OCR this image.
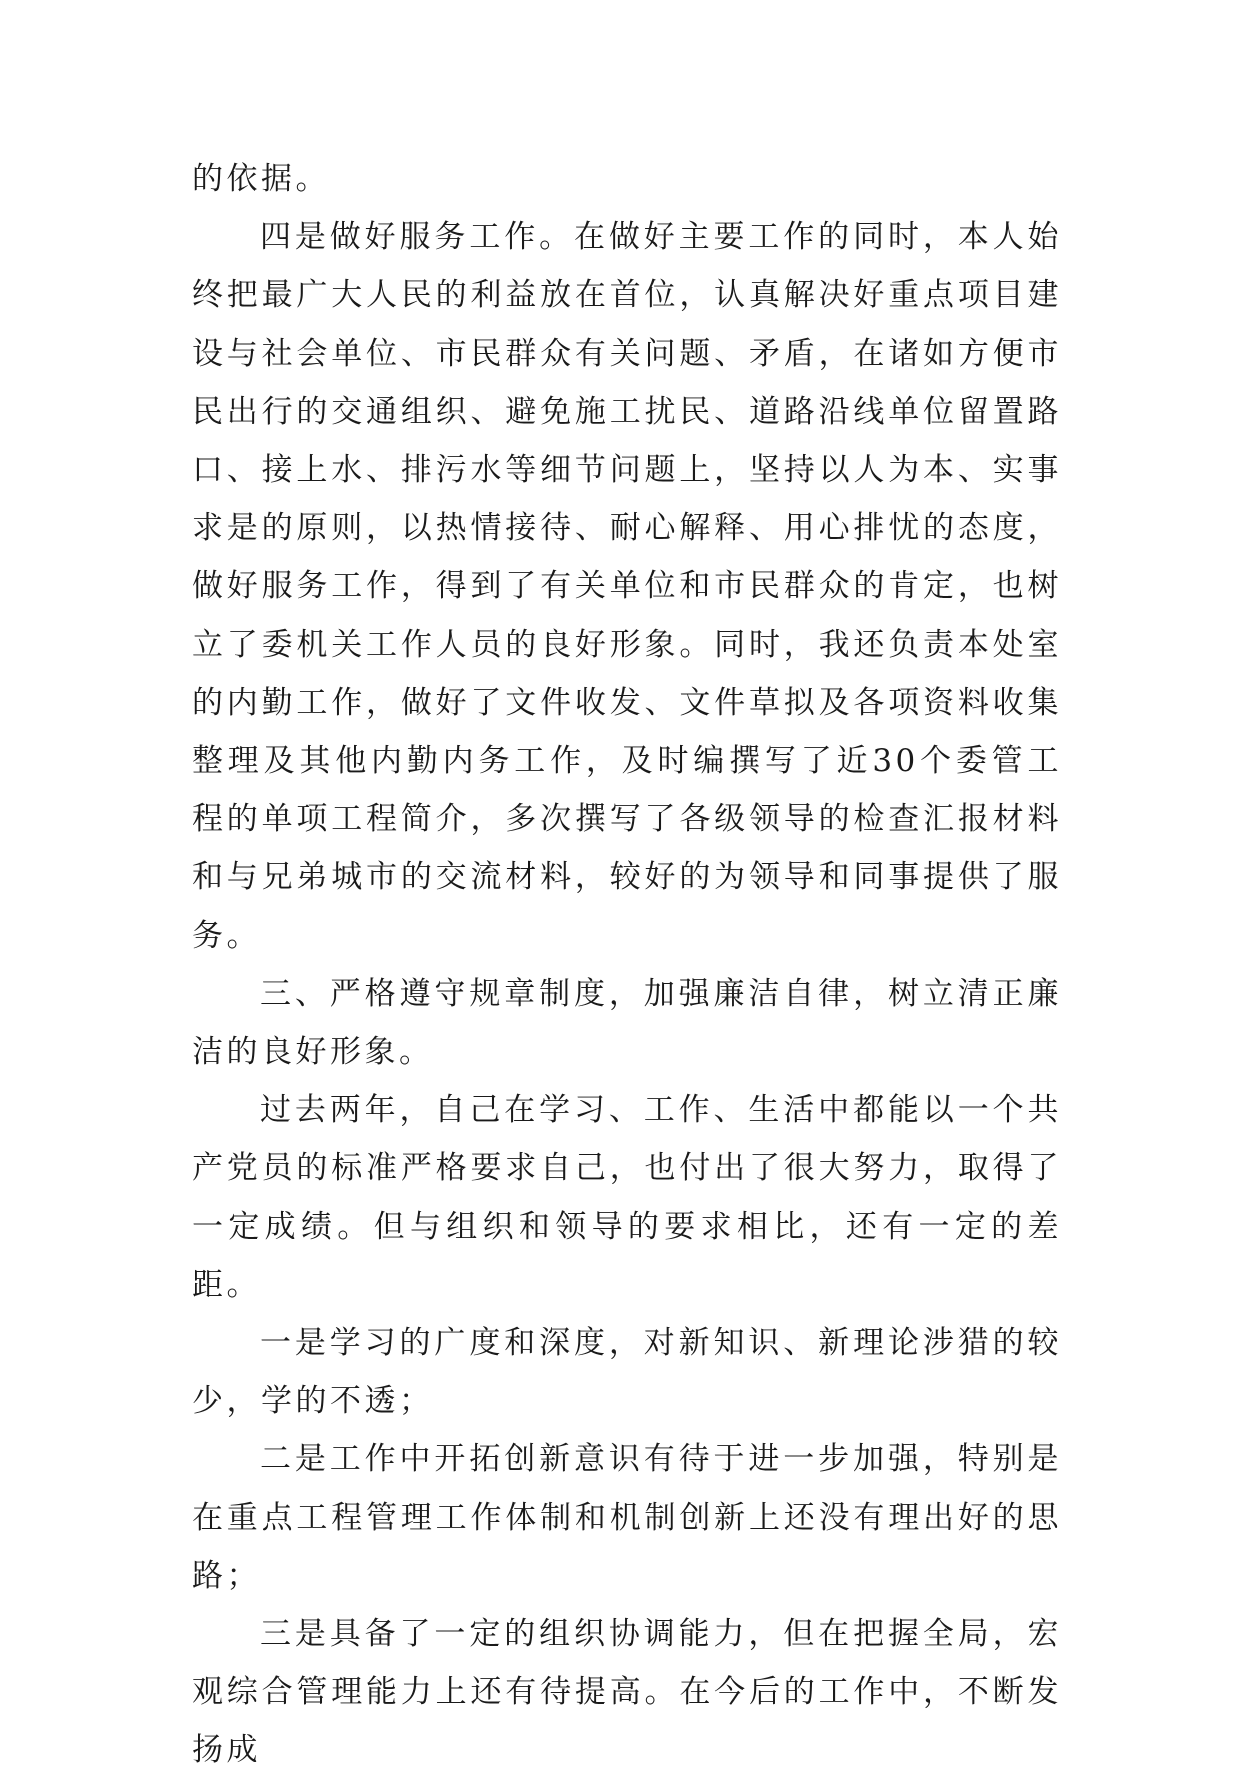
的依据。

四是做好服务工作。在做好主要工作的同时，本人始终把最广大人民的利益放在首位，认真解决好重点项目建设与社会单位、市民群众有关问题、矛盾，在诸如方便市民出行的交通组织、避免施工扰民、道路沿线单位留置路口、接上水、排污水等细节问题上，坚持以人为本、实事求是的原则，以热情接待、耐心解释、用心排忧的态度，做好服务工作，得到了有关单位和市民群众的肯定，也树立了委机关工作人员的良好形象。同时，我还负责本处室的内勤工作，做好了文件收发、文件草拟及各项资料收集整理及其他内勤内务工作，及时编撰写了近30个委管工程的单项工程简介，多次撰写了各级领导的检查汇报材料和与兄弟城市的交流材料，较好的为领导和同事提供了服务。

三、严格遵守规章制度，加强廉洁自律，树立清正廉洁的良好形象。

过去两年，自己在学习、工作、生活中都能以一个共产党员的标准严格要求自己，也付出了很大努力，取得了一定成绩。但与组织和领导的要求相比，还有一定的差距。

一是学习的广度和深度，对新知识、新理论涉猎的较少，学的不透；

二是工作中开拓创新意识有待于进一步加强，特别是在重点工程管理工作体制和机制创新上还没有理出好的思路；

三是具备了一定的组织协调能力，但在把握全局，宏观综合管理能力上还有待提高。在今后的工作中，不断发扬成
